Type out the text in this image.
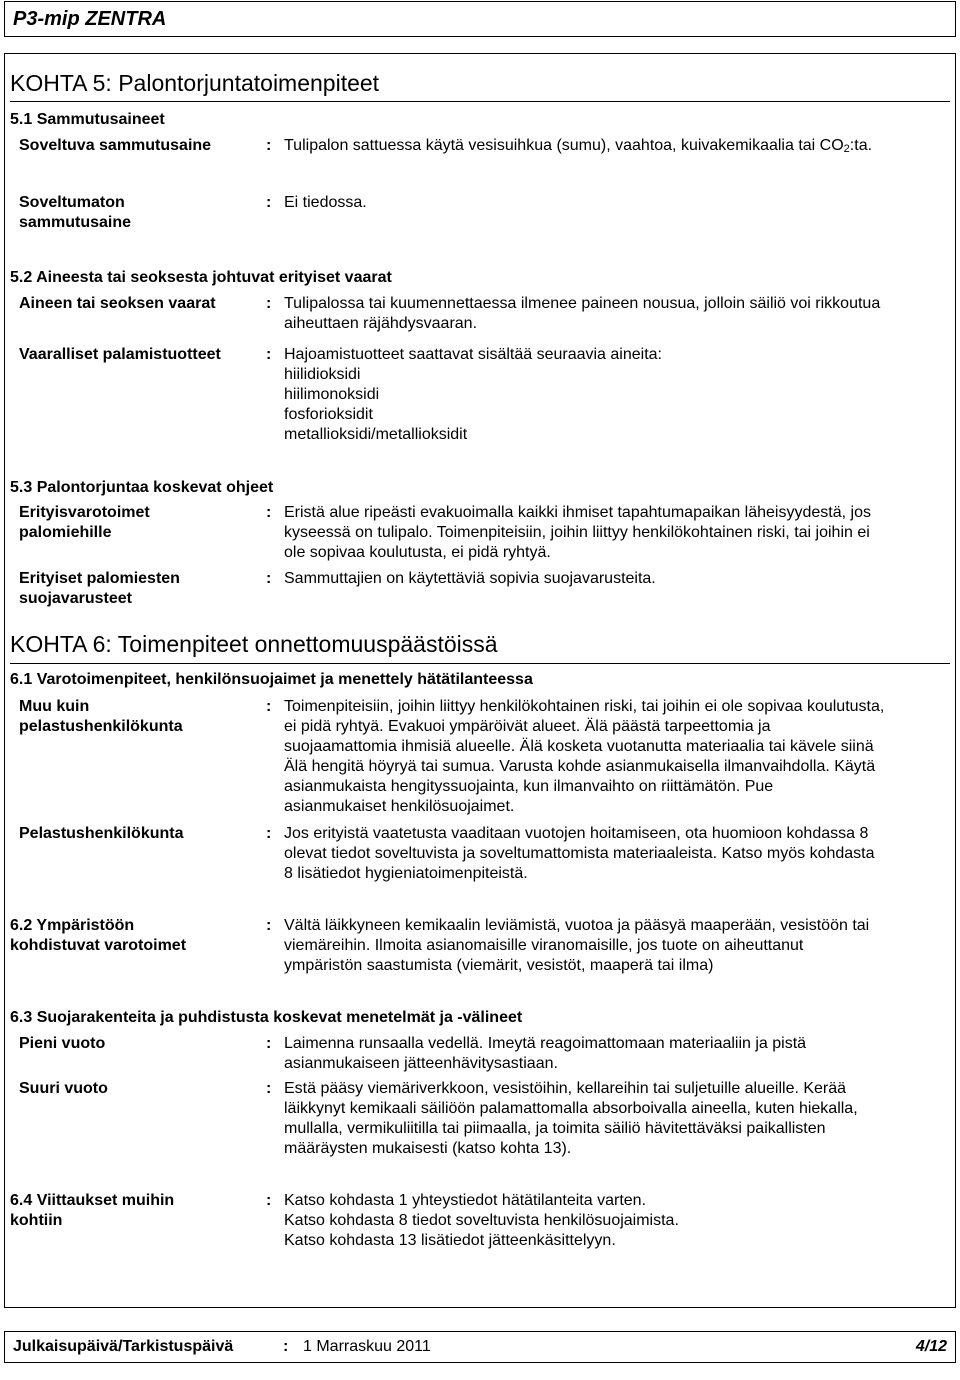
P3-mip ZENTRA
KOHTA 5: Palontorjuntatoimenpiteet
5.1 Sammutusaineet
Soveltuva sammutusaine	: Tulipalon sattuessa käytä vesisuihkua (sumu), vaahtoa, kuivakemikaalia tai $CO_2:ta$.
Soveltumaton
sammutusaine
: Ei tiedossa.
5.2 Aineesta tai seoksesta johtuvat erityiset vaarat
Aineen tai seoksen vaarat	: Tulipalossa tai kuumennettaessa ilmenee paineen nousua, jolloin säiliö voi rikkoutua
aiheuttaen räjähdysvaaran.
Vaaralliset palamistuotteet	: Hajoamistuotteet saattavat sisältää seuraavia aineita:
hiilidioksidi
hiilimonoksidi
fosforioksidit
metallioksidi/metallioksidit
5.3 Palontorjuntaa koskevat ohjeet
Erityisvarotoimet
palomiehille
: Eristä alue ripeästi evakuoimalla kaikki ihmiset tapahtumapaikan läheisyydestä, jos
kyseessä on tulipalo. Toimenpiteisiin, joihin liittyy henkilökohtainen riski, tai joihin ei
ole sopivaa koulutusta, ei pidä ryhtyä.
Erityiset palomiesten
suojavarusteet
: Sammuttajien on käytettäviä sopivia suojavarusteita.
KOHTA 6: Toimenpiteet onnettomuuspäästöissä
6.1 Varotoimenpiteet, henkilönsuojaimet ja menettely hätätilanteessa
Muu kuin
pelastushenkilökunta
: Toimenpiteisiin, joihin liittyy henkilökohtainen riski, tai joihin ei ole sopivaa koulutusta,
ei pidä ryhtyä. Evakuoi ympäröivät alueet. Älä päästä tarpeettomia ja
suojaamattomia ihmisiä alueelle. Älä kosketa vuotanutta materiaalia tai kävele siinä
Älä hengitä höyryä tai sumua. Varusta kohde asianmukaisella ilmanvaihdolla. Käytä
asianmukaista hengityssuojainta, kun ilmanvaihto on riittämätön. Pue
asianmukaiset henkilösuojaimet.
Pelastushenkilökunta	: Jos erityistä vaatetusta vaaditaan vuotojen hoitamiseen, ota huomioon kohdassa 8
olevat tiedot soveltuvista ja soveltumattomista materiaaleista. Katso myös kohdasta
8 lisätiedot hygieniatoimenpiteistä.
6.2 Ympäristöön
kohdistuvat varotoimet
: Vältä läikkyneen kemikaalin leviämistä, vuotoa ja pääsyä maaperään, vesistöön tai
viemäreihin. Ilmoita asianomaisille viranomaisille, jos tuote on aiheuttanut
ympäristön saastumista (viemärit, vesistöt, maaperä tai ilma)
6.3 Suojarakenteita ja puhdistusta koskevat menetelmät ja -välineet
Pieni vuoto	: Laimenna runsaalla vedellä. Imeytä reagoimattomaan materiaaliin ja pistä
asianmukaiseen jätteenhävitysastiaan.
Suuri vuoto	: Estä pääsy viemäriverkkoon, vesistöihin, kellareihin tai suljetuille alueille. Kerää
läikkynyt kemikaali säiliöön palamattomalla absorboivalla aineella, kuten hiekalla,
mullalla, vermikuliitilla tai piimaalla, ja toimita säiliö hävitettäväksi paikallisten
määräysten mukaisesti (katso kohta 13).
6.4 Viittaukset muihin
kohtiin
: Katso kohdasta 1 yhteystiedot hätätilanteita varten.
Katso kohdasta 8 tiedot soveltuvista henkilösuojaimista.
Katso kohdasta 13 lisätiedot jätteenkäsittelyyn.
Julkaisupäivä/Tarkistuspäivä	: 1 Marraskuu 2011	4/12
